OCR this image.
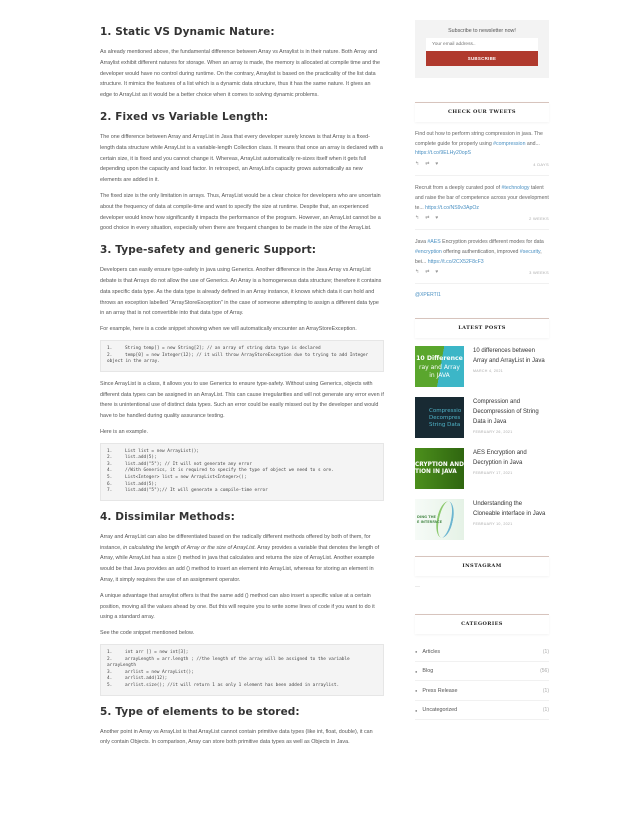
1. Static VS Dynamic Nature:

As already mentioned above, the fundamental difference between Array vs Arraylist is in their nature. Both Array and Arraylist exhibit different natures for storage. When an array is made, the memory is allocated at compile time and the developer would have no control during runtime. On the contrary, Arraylist is based on the practicality of the list data structure. It mimics the features of a list which is a dynamic data structure, thus it has the same nature. It gives an edge to ArrayList as it would be a better choice when it comes to solving dynamic problems.

2. Fixed vs Variable Length:

The one difference between Array and ArrayList in Java that every developer surely knows is that Array is a fixed-length data structure while ArrayList is a variable-length Collection class. It means that once an array is declared with a certain size, it is fixed and you cannot change it. Whereas, ArrayList automatically re-sizes itself when it gets full depending upon the capacity and load factor. In retrospect, an ArrayList's capacity grows automatically as new elements are added in it.

The fixed size is the only limitation in arrays. Thus, ArrayList would be a clear choice for developers who are uncertain about the frequency of data at compile-time and want to specify the size at runtime. Despite that, an experienced developer would know how significantly it impacts the performance of the program. However, an ArrayList cannot be a good choice in every situation, especially when there are frequent changes to be made in the size of the ArrayList.

3. Type-safety and generic Support:

Developers can easily ensure type-safety in java using Generics. Another difference in the Java Array vs ArrayList debate is that Arrays do not allow the use of Generics. An Array is a homogeneous data structure; therefore it contains data specific data type. As the data type is already defined in an Array instance, it knows which data it can hold and throws an exception labelled "ArrayStoreException" in the case of someone attempting to assign a different data type in an array that is not convertible into that data type of Array.

For example, here is a code snippet showing when we will automatically encounter an ArrayStoreException.

1.	String temp[] = new String[2]; // an array of string data type is declared
2.	temp[0] = new Integer(12); // it will throw ArrayStoreException due to trying to add Integer object in the array.

Since ArrayList is a class, it allows you to use Generics to ensure type-safety. Without using Generics, objects with different data types can be assigned in an ArrayList. This can cause irregularities and will not generate any error even if there is unintentional use of distinct data types. Such an error could be easily missed out by the developer and would have to be handled during quality assurance testing.

Here is an example.

1.	List list = new ArrayList();
2.	list.add(5);
3.	list.add("5"); // It will not generate any error
4.	//With Generics, it is required to specify the type of object we need to s ore.
5.	List<Integer> list = new ArrayList<Integer>();
6.	list.add(5);
7.	list.add("5");// It will generate a compile-time error
4. Dissimilar Methods:

Array and ArrayList can also be differentiated based on the radically different methods offered by both of them, for instance, in calculating the length of Array or the size of ArrayList. Array provides a variable that denotes the length of Array, while ArrayList has a size () method in java that calculates and returns the size of ArrayList. Another example would be that Java provides an add () method to insert an element into ArrayList, whereas for storing an element in Array, it simply requires the use of an assignment operator.

A unique advantage that arraylist offers is that the same add () method can also insert a specific value at a certain position, moving all the values ahead by one. But this will require you to write some lines of code if you want to do it using a standard array.

See the code snippet mentioned below.

1.	int arr [] = new int[3];
2.	arrayLength = arr.length ; //the length of the array will be assigned to the variable arrayLength
3.	arrlist = new ArrayList();
4.	arrlist.add(12);
5.	arrlist.size(); //it will return 1 as only 1 element has been added in arraylist.
5. Type of elements to be stored:

Another point in Array vs ArrayList is that ArrayList cannot contain primitive data types (like int, float, double), it can only contain Objects. In comparison, Array can store both primitive data types as well as Objects in Java.

Subscribe to newsletter now!
Your email address..
SUBSCRIBE
CHECK OUR TWEETS
Find out how to perform string compression in java. The complete guide for properly using #compression and... https://t.co/9ELHy20opS
↰ ⇄ ♥	4 DAYS
Recruit from a deeply curated pool of #technology talent and raise the bar of competence across your development te... https://t.co/NS9v3ApOz
↰ ⇄ ♥	2 WEEKS
Java #AES Encryption provides different modes for data #encryption offering authentication, improved #security, bei... https://t.co/2CX52F8cF3
↰ ⇄ ♥	3 WEEKS
@XPERTI1
LATEST POSTS
10 Difference
ray and Array
in JAVA
10 differences between Array and ArrayList in Java
MARCH 4, 2021
Compressio
Decompres
String Data
Compression and Decompression of String Data in Java
FEBRUARY 26, 2021
CRYPTION AND
TION IN JAVA
AES Encryption and Decryption in Java
FEBRUARY 17, 2021
DING THE
E INTERFACE
Understanding the Cloneable interface in Java
FEBRUARY 10, 2021
INSTAGRAM
—
CATEGORIES
● Articles	(1)
● Blog	(56)
● Press Release	(1)
● Uncategorized	(1)
